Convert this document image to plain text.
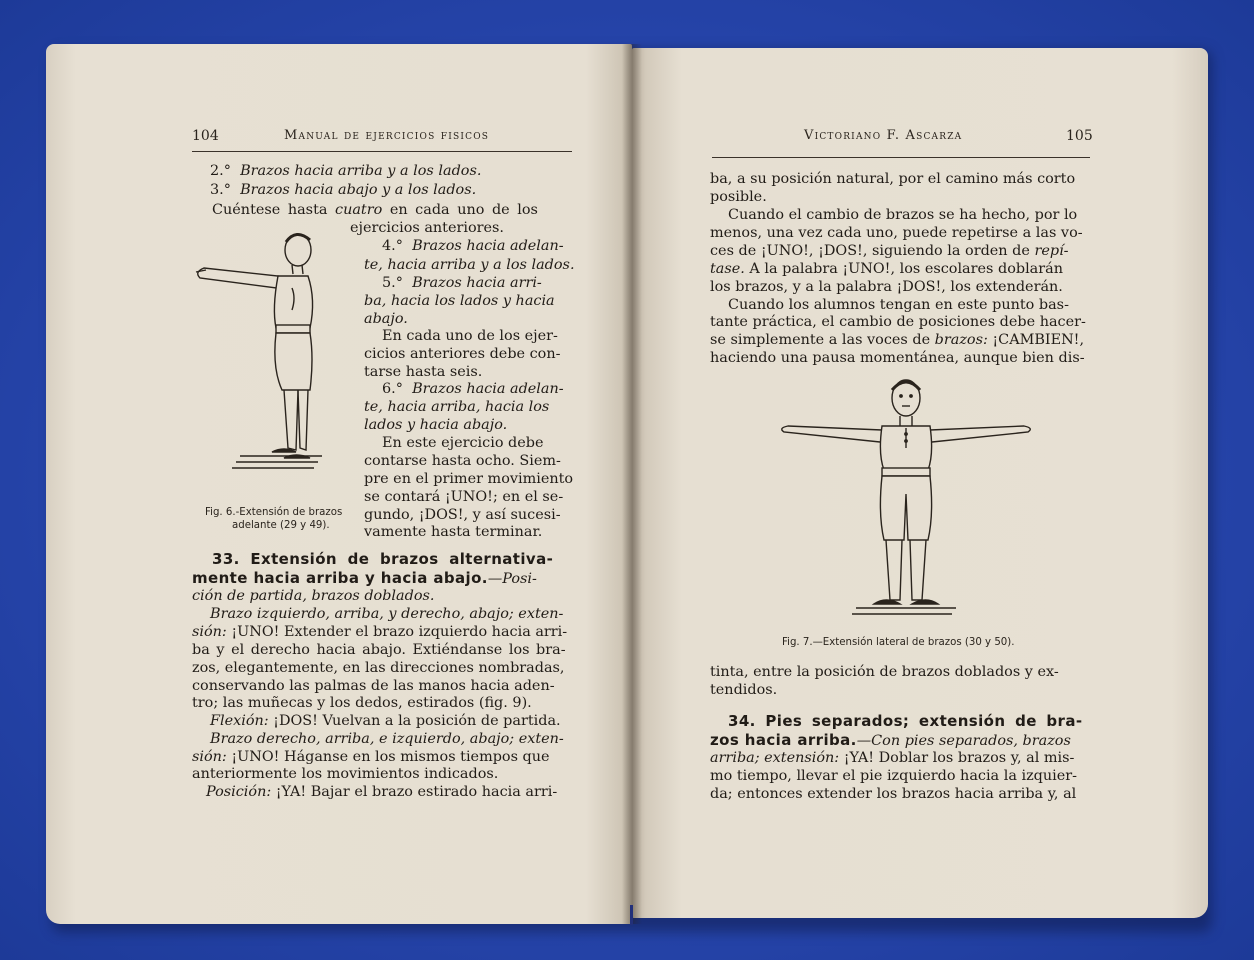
104	Manual de ejercicios fisicos	Victoriano F. Ascarza	105
2.° Brazos hacia arriba y a los lados.
3.° Brazos hacia abajo y a los lados.
Cuéntese hasta cuatro en cada uno de los
ejercicios anteriores.
4.° Brazos hacia adelan-
te, hacia arriba y a los lados.
5.° Brazos hacia arri-
ba, hacia los lados y hacia
abajo.
En cada uno de los ejer-
cicios anteriores debe con-
tarse hasta seis.
6.° Brazos hacia adelan-
te, hacia arriba, hacia los
lados y hacia abajo.
En este ejercicio debe
contarse hasta ocho. Siem-
pre en el primer movimiento
se contará ¡UNO!; en el se-
gundo, ¡DOS!, y así sucesi-
vamente hasta terminar.
Fig. 6.-Extensión de brazos
adelante (29 y 49).
33. Extensión de brazos alternativa-
mente hacia arriba y hacia abajo.—Posi-
ción de partida, brazos doblados.
Brazo izquierdo, arriba, y derecho, abajo; exten-
sión: ¡UNO! Extender el brazo izquierdo hacia arri-
ba y el derecho hacia abajo. Extiéndanse los bra-
zos, elegantemente, en las direcciones nombradas,
conservando las palmas de las manos hacia aden-
tro; las muñecas y los dedos, estirados (fig. 9).
Flexión: ¡DOS! Vuelvan a la posición de partida.
Brazo derecho, arriba, e izquierdo, abajo; exten-
sión: ¡UNO! Háganse en los mismos tiempos que
anteriormente los movimientos indicados.
Posición: ¡YA! Bajar el brazo estirado hacia arri-
ba, a su posición natural, por el camino más corto
posible.
Cuando el cambio de brazos se ha hecho, por lo
menos, una vez cada uno, puede repetirse a las vo-
ces de ¡UNO!, ¡DOS!, siguiendo la orden de repí-
tase. A la palabra ¡UNO!, los escolares doblarán
los brazos, y a la palabra ¡DOS!, los extenderán.
Cuando los alumnos tengan en este punto bas-
tante práctica, el cambio de posiciones debe hacer-
se simplemente a las voces de brazos: ¡CAMBIEN!,
haciendo una pausa momentánea, aunque bien dis-
Fig. 7.—Extensión lateral de brazos (30 y 50).
tinta, entre la posición de brazos doblados y ex-
tendidos.
34. Pies separados; extensión de bra-
zos hacia arriba.—Con pies separados, brazos
arriba; extensión: ¡YA! Doblar los brazos y, al mis-
mo tiempo, llevar el pie izquierdo hacia la izquier-
da; entonces extender los brazos hacia arriba y, al
